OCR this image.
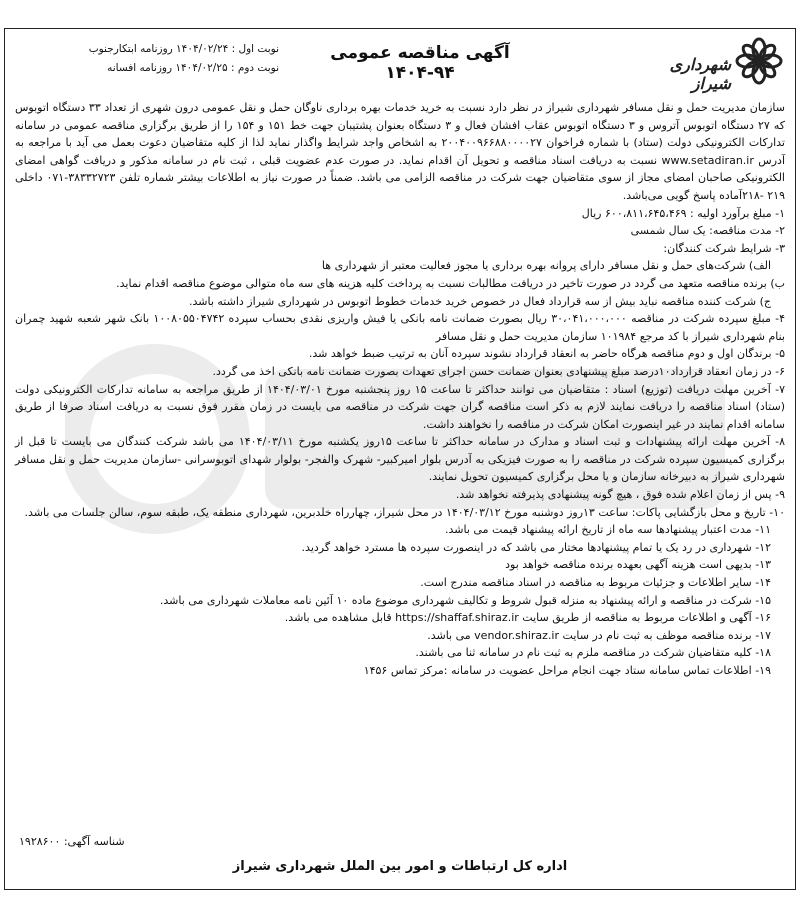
شهرداری شیراز
آگهی مناقصه عمومی ۹۴-۱۴۰۴
نوبت اول : ۱۴۰۴/۰۲/۲۴ روزنامه ابتکارجنوب
نوبت دوم : ۱۴۰۴/۰۲/۲۵ روزنامه افسانه

سازمان مدیریت حمل و نقل مسافر شهرداری شیراز در نظر دارد نسبت به خرید خدمات بهره برداری ناوگان حمل و نقل عمومی درون شهری از تعداد ۳۳ دستگاه اتوبوس که ۲۷ دستگاه اتوبوس آتروس و ۳ دستگاه اتوبوس عقاب افشان فعال و ۳ دستگاه بعنوان پشتیبان جهت خط ۱۵۱ و ۱۵۴ را از طریق برگزاری مناقصه عمومی در سامانه تدارکات الکترونیکی دولت (ستاد) با شماره فراخوان ۲۰۰۴۰۰۹۶۶۸۸۰۰۰۰۲۷ به اشخاص واجد شرایط واگذار نماید لذا از کلیه متقاضیان دعوت بعمل می آید با مراجعه به آدرس www.setadiran.ir نسبت به دریافت اسناد مناقصه و تحویل آن اقدام نماید. در صورت عدم عضویت قبلی ، ثبت نام در سامانه مذکور و دریافت گواهی امضای الکترونیکی صاحبان امضای مجاز از سوی متقاضیان جهت شرکت در مناقصه الزامی می باشد. ضمناً در صورت نیاز به اطلاعات بیشتر شماره تلفن ۳۸۳۳۲۷۲۳-۰۷۱ داخلی ۲۱۹ -۲۱۸آماده پاسخ گویی می‌باشد.

۱- مبلغ برآورد اولیه : ۶۰۰،۸۱۱،۶۴۵،۴۶۹ ریال

۲- مدت مناقصه: یک سال شمسی

۳- شرایط شرکت کنندگان:

الف) شرکت‌های حمل و نقل مسافر دارای پروانه بهره برداری یا مجوز فعالیت معتبر از شهرداری ها

ب) برنده مناقصه متعهد می گردد در صورت تاخیر در دریافت مطالبات نسبت به پرداخت کلیه هزینه های سه ماه متوالی موضوع مناقصه اقدام نماید.

ج) شرکت کننده مناقصه نباید بیش از سه قرارداد فعال در خصوص خرید خدمات خطوط اتوبوس در شهرداری شیراز داشته باشد.

۴- مبلغ سپرده شرکت در مناقصه ۳۰،۰۴۱،۰۰۰،۰۰۰ ریال بصورت ضمانت نامه بانکی یا فیش واریزی نقدی بحساب سپرده ۱۰۰۸۰۵۵۰۴۷۴۲ بانک شهر شعبه شهید چمران بنام شهرداری شیراز با کد مرجع ۱۰۱۹۸۴ سازمان مدیریت حمل و نقل مسافر

۵- برندگان اول و دوم مناقصه هرگاه حاضر به انعقاد قرارداد نشوند سپرده آنان به ترتیب ضبط خواهد شد.

۶- در زمان انعقاد قرارداد۱۰درصد مبلغ پیشنهادی بعنوان ضمانت حسن اجرای تعهدات بصورت ضمانت نامه بانکی اخذ می گردد.

۷- آخرین مهلت دریافت (توزیع) اسناد : متقاضیان می توانند حداکثر تا ساعت ۱۵ روز پنجشنبه مورخ ۱۴۰۴/۰۳/۰۱ از طریق مراجعه به سامانه تدارکات الکترونیکی دولت (ستاد) اسناد مناقصه را دریافت نمایند لازم به ذکر است مناقصه گران جهت شرکت در مناقصه می بایست در زمان مقرر فوق نسبت به دریافت اسناد صرفا از طریق سامانه اقدام نمایند در غیر اینصورت امکان شرکت در مناقصه را نخواهند داشت.

۸- آخرین مهلت ارائه پیشنهادات و ثبت اسناد و مدارک در سامانه حداکثر تا ساعت ۱۵روز یکشنبه مورخ ۱۴۰۴/۰۳/۱۱ می باشد شرکت کنندگان می بایست تا قبل از برگزاری کمیسیون سپرده شرکت در مناقصه را به صورت فیزیکی به آدرس بلوار امیرکبیر- شهرک والفجر- بولوار شهدای اتوبوسرانی -سازمان مدیریت حمل و نقل مسافر شهرداری شیراز به دبیرخانه سازمان و یا محل برگزاری کمیسیون تحویل نمایند.

۹- پس از زمان اعلام شده فوق ، هیچ گونه پیشنهادی پذیرفته نخواهد شد.

۱۰- تاریخ و محل بازگشایی پاکات: ساعت ۱۳روز دوشنبه مورخ ۱۴۰۴/۰۳/۱۲ در محل شیراز، چهارراه خلدبرین، شهرداری منطقه یک، طبقه سوم، سالن جلسات می باشد.

۱۱- مدت اعتبار پیشنهادها سه ماه از تاریخ ارائه پیشنهاد قیمت می باشد.

۱۲- شهرداری در رد یک یا تمام پیشنهادها مختار می باشد که در اینصورت سپرده ها مسترد خواهد گردید.

۱۳- بدیهی است هزینه آگهی بعهده برنده مناقصه خواهد بود

۱۴- سایر اطلاعات و جزئیات مربوط به مناقصه در اسناد مناقصه مندرج است.

۱۵- شرکت در مناقصه و ارائه پیشنهاد به منزله قبول شروط و تکالیف شهرداری موضوع ماده ۱۰ آئین نامه معاملات شهرداری می باشد.

۱۶- آگهی و اطلاعات مربوط به مناقصه از طریق سایت https://shaffaf.shiraz.ir قابل مشاهده می باشد.

۱۷- برنده مناقصه موظف به ثبت نام در سایت vendor.shiraz.ir می باشد.

۱۸- کلیه متقاضیان شرکت در مناقصه ملزم به ثبت نام در سامانه ثنا می باشند.

۱۹- اطلاعات تماس سامانه ستاد جهت انجام مراحل عضویت در سامانه :مرکز تماس ۱۴۵۶

شناسه آگهی: ۱۹۲۸۶۰۰
اداره کل ارتباطات و امور بین الملل شهرداری شیراز
